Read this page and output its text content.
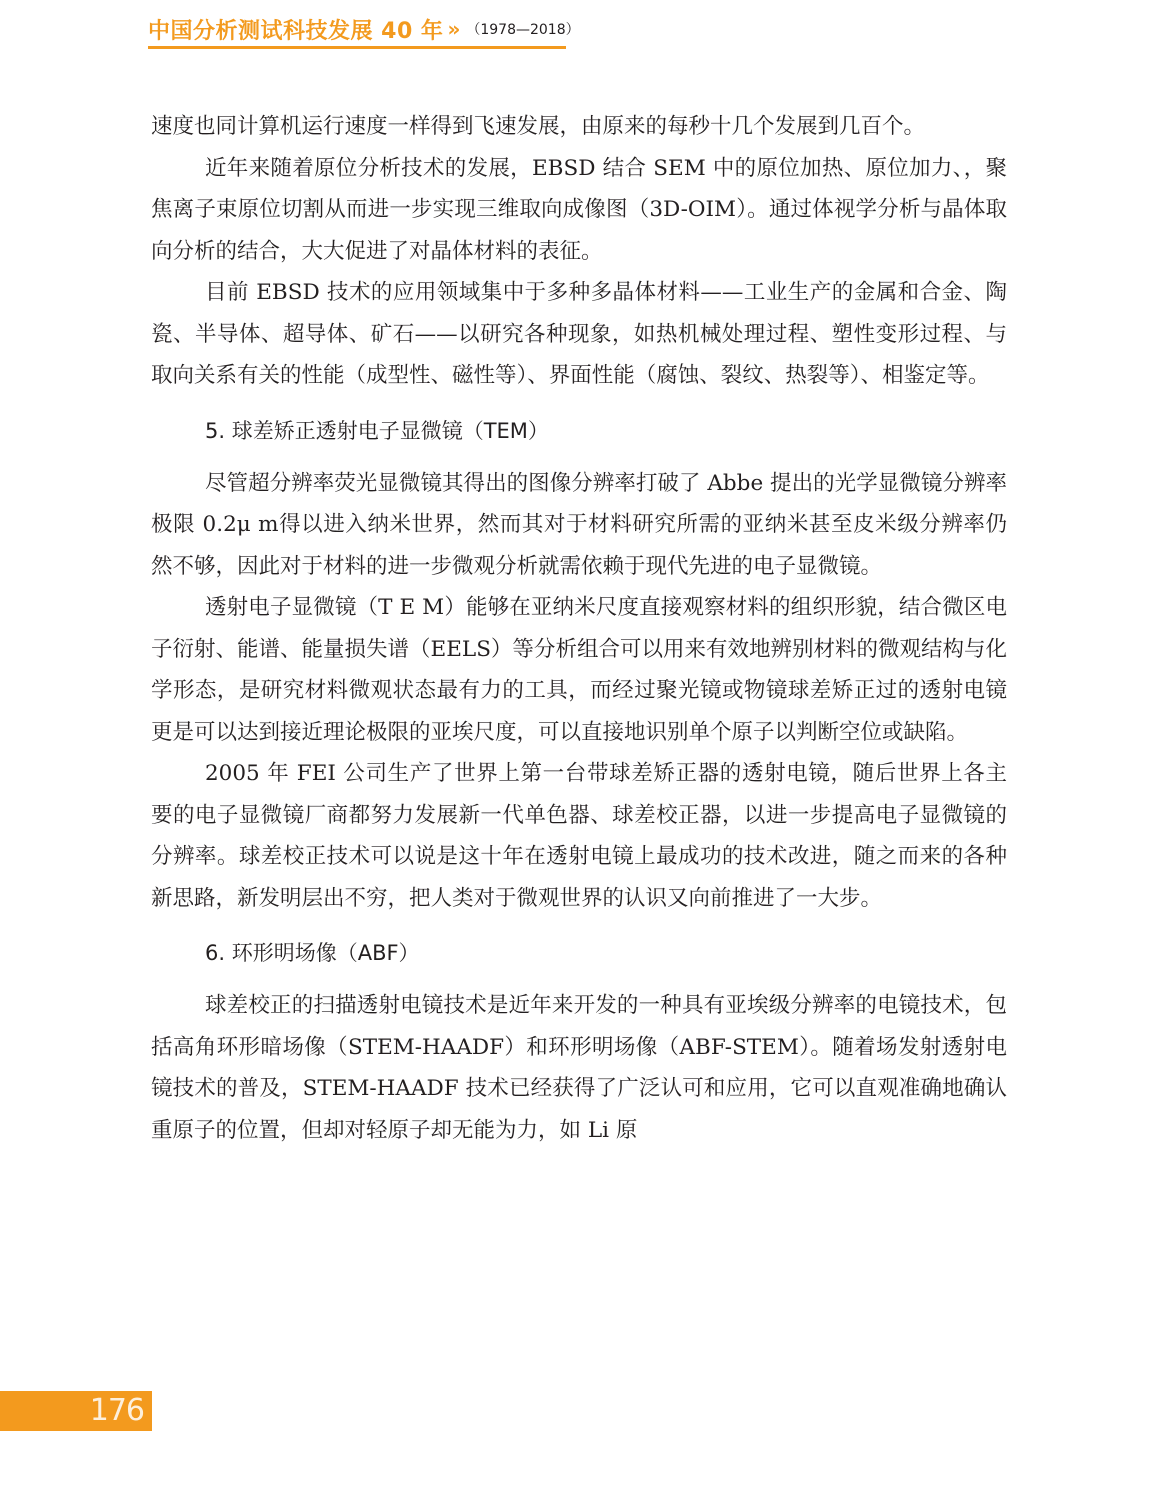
中国分析测试科技发展 40 年 » （1978—2018）

速度也同计算机运行速度一样得到飞速发展，由原来的每秒十几个发展到几百个。

近年来随着原位分析技术的发展，EBSD 结合 SEM 中的原位加热、原位加力、，聚焦离子束原位切割从而进一步实现三维取向成像图（3D-OIM）。通过体视学分析与晶体取向分析的结合，大大促进了对晶体材料的表征。

目前 EBSD 技术的应用领域集中于多种多晶体材料——工业生产的金属和合金、陶瓷、半导体、超导体、矿石——以研究各种现象，如热机械处理过程、塑性变形过程、与取向关系有关的性能（成型性、磁性等）、界面性能（腐蚀、裂纹、热裂等）、相鉴定等。

5. 球差矫正透射电子显微镜（TEM）

尽管超分辨率荧光显微镜其得出的图像分辨率打破了 Abbe 提出的光学显微镜分辨率极限 0.2μ m得以进入纳米世界，然而其对于材料研究所需的亚纳米甚至皮米级分辨率仍然不够，因此对于材料的进一步微观分析就需依赖于现代先进的电子显微镜。

透射电子显微镜（T E M）能够在亚纳米尺度直接观察材料的组织形貌，结合微区电子衍射、能谱、能量损失谱（EELS）等分析组合可以用来有效地辨别材料的微观结构与化学形态，是研究材料微观状态最有力的工具，而经过聚光镜或物镜球差矫正过的透射电镜更是可以达到接近理论极限的亚埃尺度，可以直接地识别单个原子以判断空位或缺陷。

2005 年 FEI 公司生产了世界上第一台带球差矫正器的透射电镜，随后世界上各主要的电子显微镜厂商都努力发展新一代单色器、球差校正器，以进一步提高电子显微镜的分辨率。球差校正技术可以说是这十年在透射电镜上最成功的技术改进，随之而来的各种新思路，新发明层出不穷，把人类对于微观世界的认识又向前推进了一大步。

6. 环形明场像（ABF）

球差校正的扫描透射电镜技术是近年来开发的一种具有亚埃级分辨率的电镜技术，包括高角环形暗场像（STEM-HAADF）和环形明场像（ABF-STEM）。随着场发射透射电镜技术的普及，STEM-HAADF 技术已经获得了广泛认可和应用，它可以直观准确地确认重原子的位置，但却对轻原子却无能为力，如 Li 原

176
